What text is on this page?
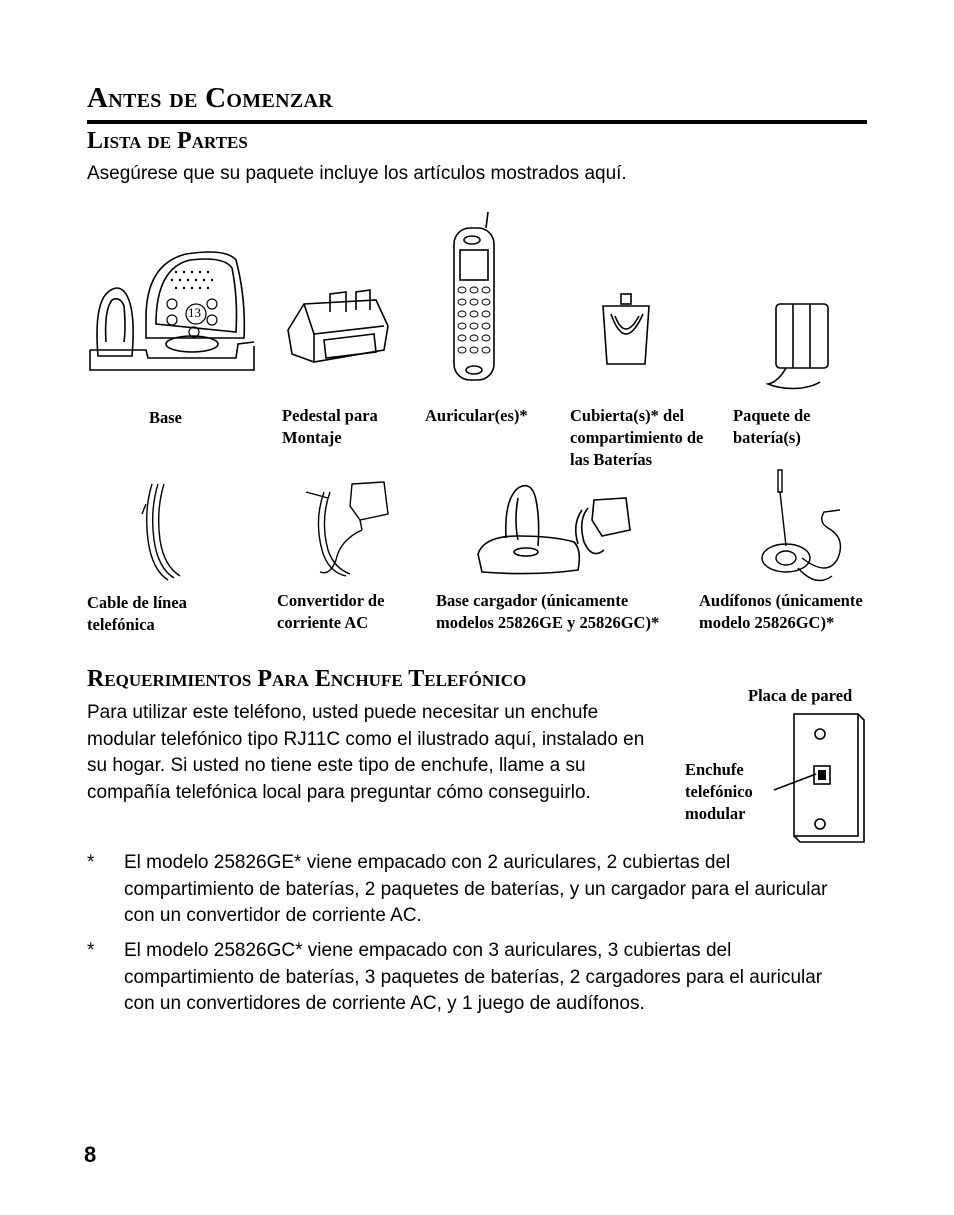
Antes de Comenzar
Lista de Partes
Asegúrese que su paquete incluye los artículos mostrados aquí.
13
Base	Pedestal para Montaje
Auricular(es)*	Cubierta(s)* del compartimiento de las Baterías
Paquete de batería(s)
Cable de línea telefónica
Convertidor de corriente AC
Base cargador (únicamente modelos 25826GE y 25826GC)*
Audífonos (únicamente modelo 25826GC)*
Requerimientos Para Enchufe Telefónico
Para utilizar este teléfono, usted puede necesitar un enchufe modular telefónico tipo RJ11C como el ilustrado aquí, instalado en su hogar. Si usted no tiene este tipo de enchufe, llame a su compañía telefónica local para preguntar cómo conseguirlo.
Placa de pared
Enchufe telefónico modular
* El modelo 25826GE* viene empacado con 2 auriculares, 2 cubiertas del compartimiento de baterías, 2 paquetes de baterías, y un cargador para el auricular con un convertidor de corriente AC.
* El modelo 25826GC* viene empacado con 3 auriculares, 3 cubiertas del compartimiento de baterías, 3 paquetes de baterías, 2 cargadores para el auricular con un convertidores de corriente AC, y 1 juego de audífonos.
8
